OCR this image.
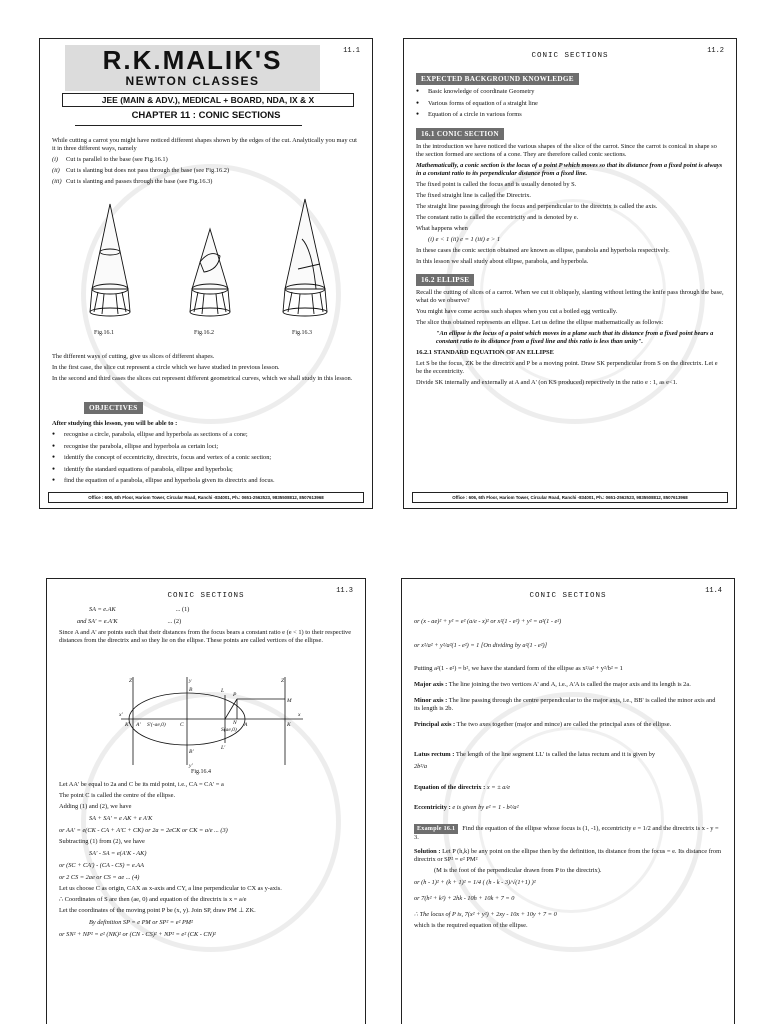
11.1
R.K.MALIK'S
NEWTON CLASSES
JEE (MAIN & ADV.), MEDICAL + BOARD, NDA, IX & X
CHAPTER 11 : CONIC SECTIONS

While cutting a carrot you might have noticed different shapes shown by the edges of the cut. Analytically you may cut it in three different ways, namely

(i) Cut is parallel to the base (see Fig.16.1)
(ii) Cut is slanting but does not pass through the base (see Fig.16.2)
(iii) Cut is slanting and passes through the base (see Fig.16.3)
Fig.16.1	Fig.16.2	Fig.16.3

The different ways of cutting, give us slices of different shapes.

In the first case, the slice cut represent a circle which we have studied in previous lesson.

In the second and third cases the slices cut represent different geometrical curves, which we shall study in this lesson.

OBJECTIVES

After studying this lesson, you will be able to :

● recognise a circle, parabola, ellipse and hyperbola as sections of a cone;
● recognise the parabola, ellipse and hyperbola as certain loci;
● identify the concept of eccentricity, directrix, focus and vertex of a conic section;
● identify the standard equations of parabola, ellipse and hyperbola;
● find the equation of a parabola, ellipse and hyperbola given its directrix and focus.
Office : 606, 6th Floor, Hariom Tower, Circular Road, Ranchi -834001, Ph.: 0651-2562523, 9835508812, 8507613968
11.2
CONIC SECTIONS
EXPECTED BACKGROUND KNOWLEDGE
● Basic knowledge of coordinate Geometry
● Various forms of equation of a straight line
● Equation of a circle in various forms
16.1 CONIC SECTION

In the introduction we have noticed the various shapes of the slice of the carrot. Since the carrot is conical in shape so the section formed are sections of a cone. They are therefore called conic sections.

Mathematically, a conic section is the locus of a point P which moves so that its distance from a fixed point is always in a constant ratio to its perpendicular distance from a fixed line.

The fixed point is called the focus and is usually denoted by S.

The fixed straight line is called the Directrix.

The straight line passing through the focus and perpendicular to the directrix is called the axis.

The constant ratio is called the eccentricity and is denoted by e.

What happens when

(i) e < 1 (ii) e = 1 (iii) e > 1

In these cases the conic section obtained are known as ellipse, parabola and hyperbola respectively.

In this lesson we shall study about ellipse, parabola, and hyperbola.

16.2 ELLIPSE

Recall the cutting of slices of a carrot. When we cut it obliquely, slanting without letting the knife pass through the base, what do we observe?

You might have come across such shapes when you cut a boiled egg vertically.

The slice thus obtained represents an ellipse. Let us define the ellipse mathematically as follows:

"An ellipse is the locus of a point which moves in a plane such that its distance from a fixed point bears a constant ratio to its distance from a fixed line and this ratio is less than unity".

16.2.1 STANDARD EQUATION OF AN ELLIPSE

Let S be the focus, ZK be the directrix and P be a moving point. Draw SK perpendicular from S on the directrix. Let e be the eccentricity.

Divide SK internally and externally at A and A' (on KS produced) repectively in the ratio e : 1, as e<1.

Office : 606, 6th Floor, Hariom Tower, Circular Road, Ranchi -834001, Ph.: 0651-2562523, 9835508812, 8507613968
11.3
CONIC SECTIONS
SA = e.AK	... (1)
and SA' = e.A'K	... (2)

Since A and A' are points such that their distances from the focus bears a constant ratio e (e < 1) to their respective distances from the directrix and so they lie on the ellipse. These points are called vertices of the ellipse.

x'	x
y
y'
Z'	Z
K'	K
A'	A
S'(-ae,0)	C
S(ae,0)
N
P
M
L
L'
B
B'
Fig.16.4

Let AA' be equal to 2a and C be its mid point, i.e., CA = CA' = a

The point C is called the centre of the ellipse.

Adding (1) and (2), we have

SA + SA' = e AK + e A'K
or AA' = e(CK - CA + A'C + CK) or 2a = 2eCK or CK = a/e ... (3)

Subtracting (1) from (2), we have

SA' - SA = e(A'K - AK)
or (SC + CA') - (CA - CS) = e.AA
or 2 CS = 2ae or CS = ae ... (4)

Let us choose C as origin, CAX as x-axis and CY, a line perpendicular to CX as y-axis.

∴ Coordinates of S are then (ae, 0) and equation of the directrix is x = a/e

Let the coordinates of the moving point P be (x, y). Join SP, draw PM ⊥ ZK.

By definition SP = e PM or SP² = e² PM²
or SN² + NP² = e² (NK)² or (CN - CS)² + NP² = e² (CK - CN)²
11.4
CONIC SECTIONS
or (x - ae)² + y² = e² (a/e - x)² or x²(1 - e²) + y² = a²(1 - e²)
or x²/a² + y²/a²(1 - e²) = 1 [On dividing by a²(1 - e²)]

Putting a²(1 - e²) = b², we have the standard form of the ellipse as x²/a² + y²/b² = 1

Major axis : The line joining the two vertices A' and A, i.e., A'A is called the major axis and its length is 2a.

Minor axis : The line passing through the centre perpendicular to the major axis, i.e., BB' is called the minor axis and its length is 2b.

Principal axis : The two axes together (major and mince) are called the principal axes of the ellipse.

Latus rectum : The length of the line segment LL' is called the latus rectum and it is given by

2b²/a

Equation of the directrix : x = ± a/e

Eccentricity : e is given by e² = 1 - b²/a²

Example 16.1 Find the equation of the ellipse whose focus is (1, -1), eccentricity e = 1/2 and the directrix is x - y = 3.

Solution : Let P (h,k) be any point on the ellipse then by the definition, its distance from the focus = e. Its distance from directrix or SP² = e² PM²

(M is the foot of the perpendicular drawn from P to the directrix).

or (h - 1)² + (k + 1)² = 1/4 ( (h - k - 3)/√(1+1) )²
or 7(h² + k²) + 2hk - 10h + 10k + 7 = 0
∴ The locus of P is, 7(x² + y²) + 2xy - 10x + 10y + 7 = 0

which is the required equation of the ellipse.
